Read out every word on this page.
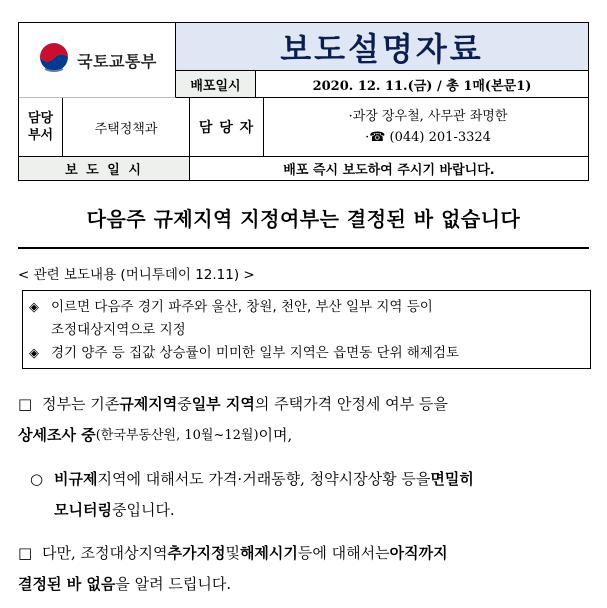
국토교통부	보도설명자료
배포일시	2020. 12. 11.(금) / 총 1매(본문1)
담당
부서	주택정책과	담 당 자
·과장 장우철, 사무관 좌명한
·☎ (044) 201-3324
보 도 일 시	배포 즉시 보도하여 주시기 바랍니다.
다음주 규제지역 지정여부는 결정된 바 없습니다
< 관련 보도내용 (머니투데이 12.11) >
◈ 이르면 다음주 경기 파주와 울산, 창원, 천안, 부산 일부 지역 등이
조정대상지역으로 지정
◈ 경기 양주 등 집값 상승률이 미미한 일부 지역은 읍면동 단위 해제검토
□ 정부는 기존 규제지역 중 일부 지역 의 주택가격 안정세 여부 등을
상세조사 중 (한국부동산원, 10월~12월) 이며,
○ 비규제 지역에 대해서도 가격·거래동향, 청약시장상황 등을 면밀히
모니터링 중입니다.
□ 다만, 조정대상지역 추가지정 및 해제시기 등에 대해서는 아직까지
결정된 바 없음 을 알려 드립니다.
